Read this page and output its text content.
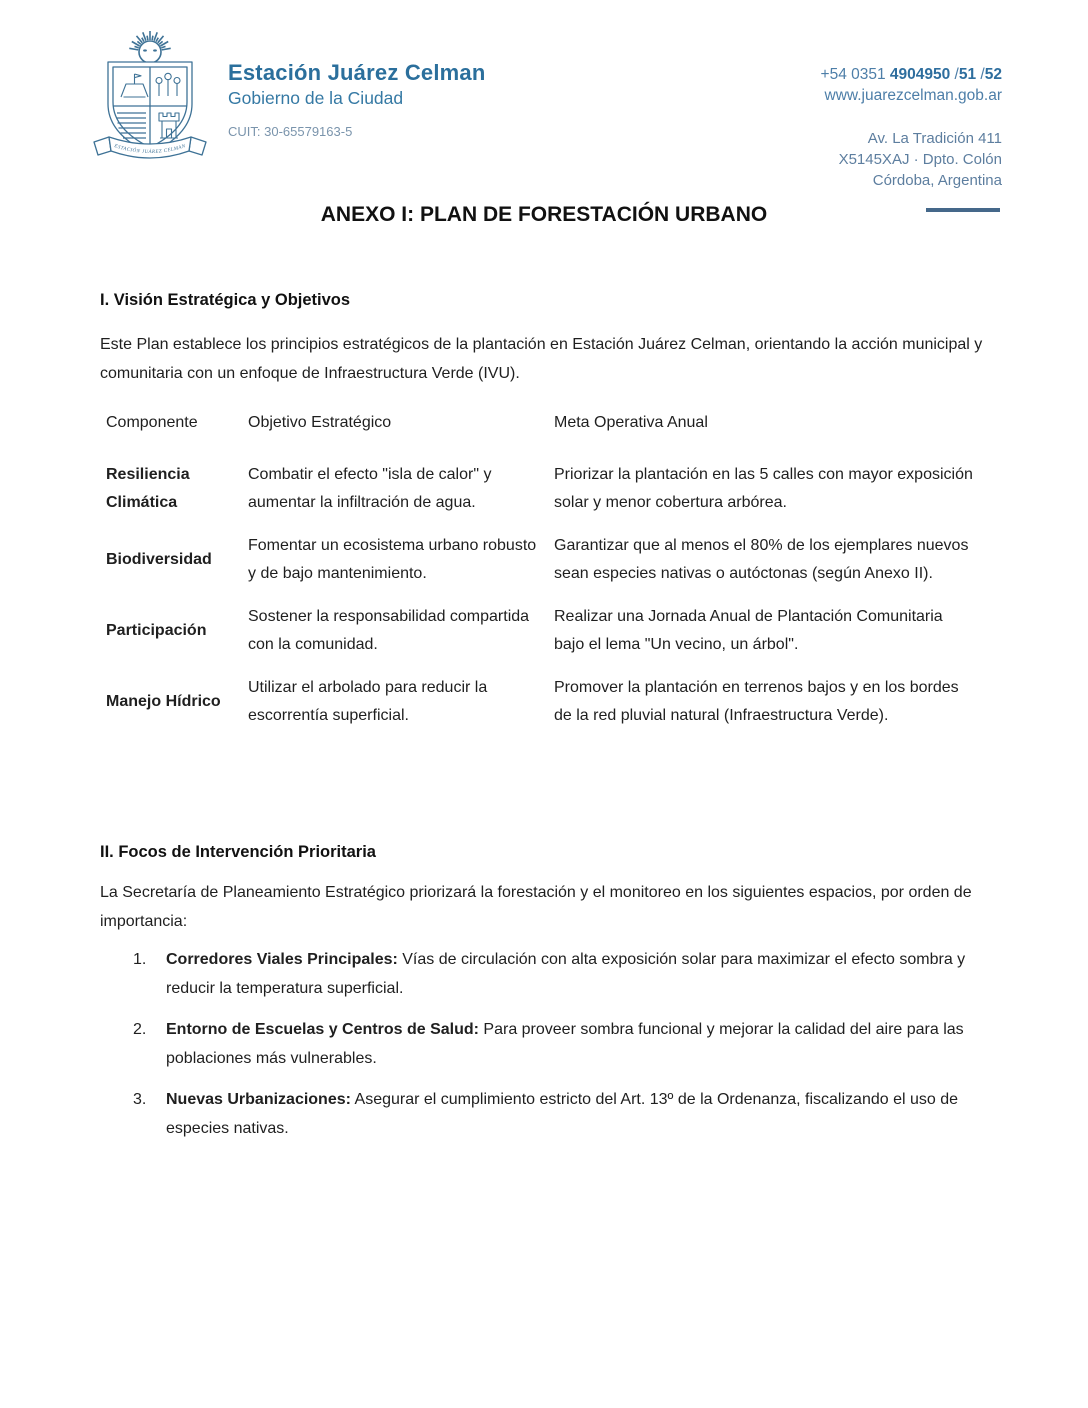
ESTACIÓN JUÁREZ CELMAN
Estación Juárez Celman
Gobierno de la Ciudad
CUIT: 30-65579163-5
+54 0351 4904950 /51 /52
www.juarezcelman.gob.ar
Av. La Tradición 411
X5145XAJ · Dpto. Colón
Córdoba, Argentina
ANEXO I: PLAN DE FORESTACIÓN URBANO
I. Visión Estratégica y Objetivos

Este Plan establece los principios estratégicos de la plantación en Estación Juárez Celman, orientando la acción municipal y comunitaria con un enfoque de Infraestructura Verde (IVU).

Componente	Objetivo Estratégico	Meta Operativa Anual
Resiliencia Climática	Combatir el efecto "isla de calor" y aumentar la infiltración de agua.	Priorizar la plantación en las 5 calles con mayor exposición solar y menor cobertura arbórea.
Biodiversidad	Fomentar un ecosistema urbano robusto y de bajo mantenimiento.	Garantizar que al menos el 80% de los ejemplares nuevos sean especies nativas o autóctonas (según Anexo II).
Participación	Sostener la responsabilidad compartida con la comunidad.	Realizar una Jornada Anual de Plantación Comunitaria bajo el lema "Un vecino, un árbol".
Manejo Hídrico	Utilizar el arbolado para reducir la escorrentía superficial.	Promover la plantación en terrenos bajos y en los bordes de la red pluvial natural (Infraestructura Verde).
II. Focos de Intervención Prioritaria

La Secretaría de Planeamiento Estratégico priorizará la forestación y el monitoreo en los siguientes espacios, por orden de importancia:

1. Corredores Viales Principales: Vías de circulación con alta exposición solar para maximizar el efecto sombra y reducir la temperatura superficial.
2. Entorno de Escuelas y Centros de Salud: Para proveer sombra funcional y mejorar la calidad del aire para las poblaciones más vulnerables.
3. Nuevas Urbanizaciones: Asegurar el cumplimiento estricto del Art. 13º de la Ordenanza, fiscalizando el uso de especies nativas.
